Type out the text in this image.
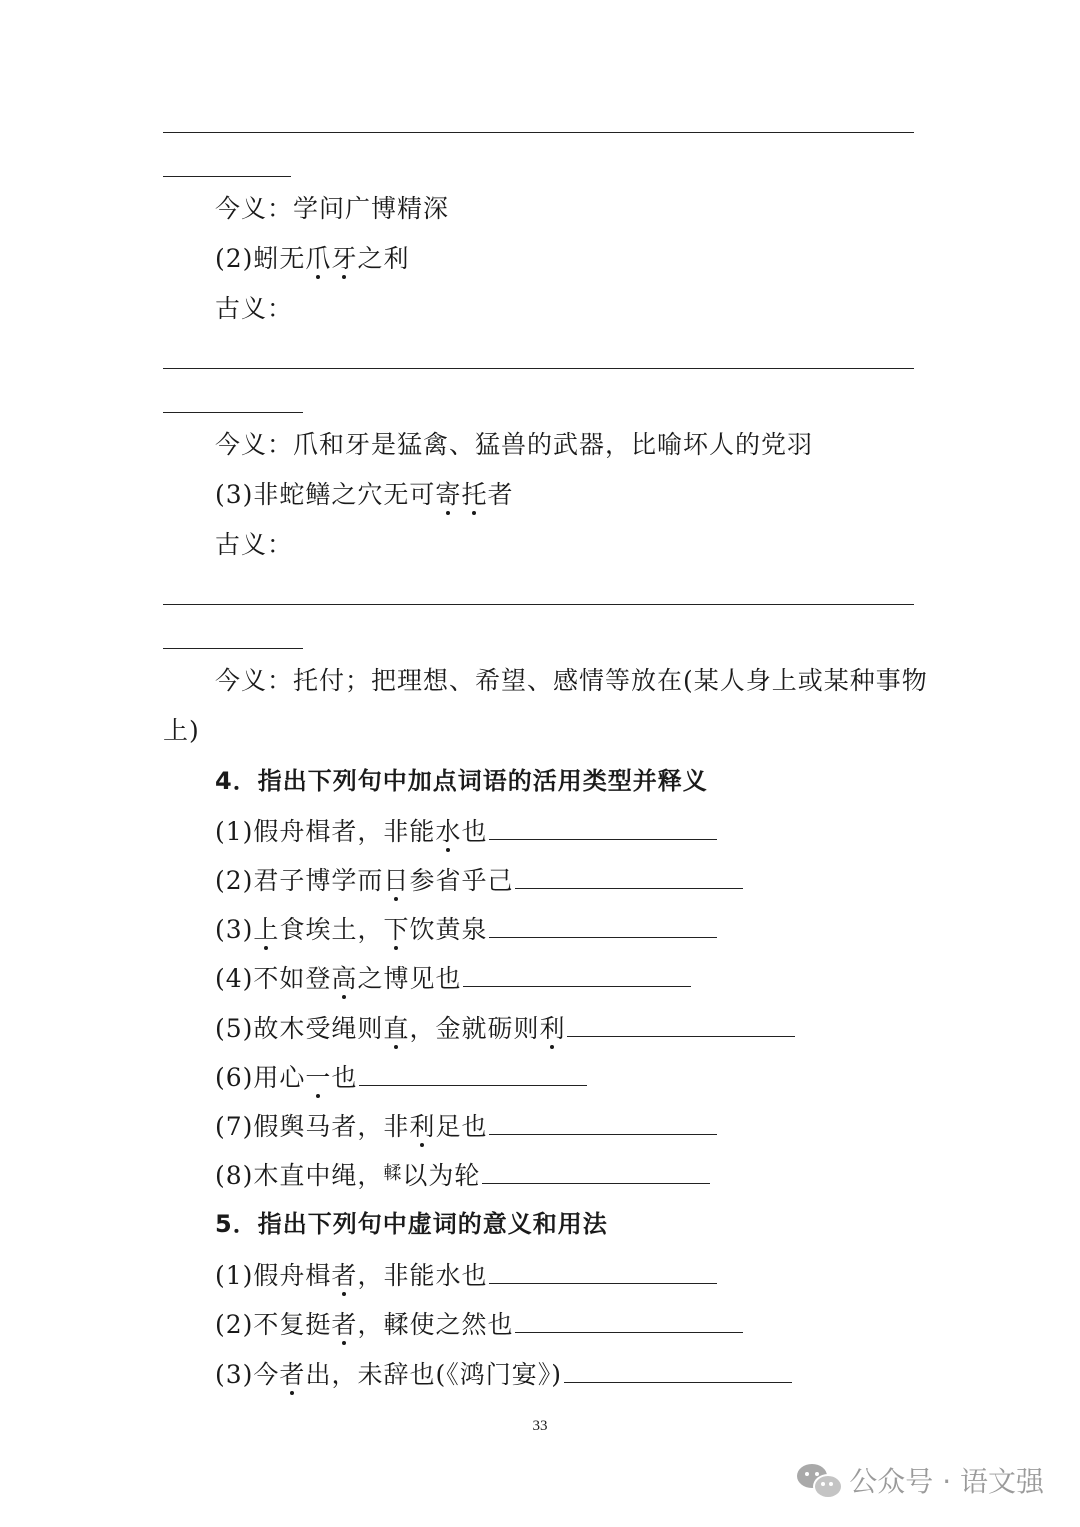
今义：学问广博精深
(2)蚓无爪牙之利
古义：
今义：爪和牙是猛禽、猛兽的武器，比喻坏人的党羽
(3)非蛇鳝之穴无可寄托者
古义：
今义：托付；把理想、希望、感情等放在(某人身上或某种事物
上)
4．指出下列句中加点词语的活用类型并释义
(1)假舟楫者，非能水也
(2)君子博学而日参省乎己
(3)上食埃土，下饮黄泉
(4)不如登高之博见也
(5)故木受绳则直，金就砺则利
(6)用心一也
(7)假舆马者，非利足也
(8)木直中绳，$^輮$以为轮
5．指出下列句中虚词的意义和用法
(1)假舟楫者，非能水也
(2)不复挺者，輮使之然也
(3)今者出，未辞也(《鸿门宴》)
33
公众号 · 语文强
